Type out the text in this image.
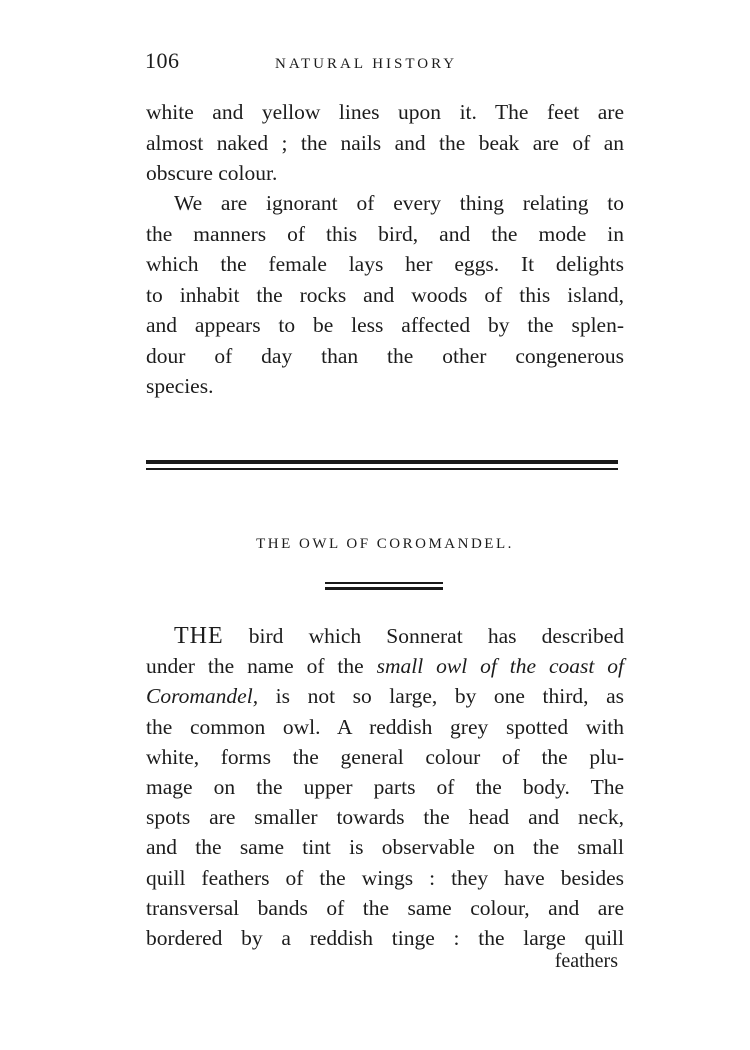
106	NATURAL HISTORY
white and yellow lines upon it. The feet are
almost naked ; the nails and the beak are of an
obscure colour.
We are ignorant of every thing relating to
the manners of this bird, and the mode in
which the female lays her eggs. It delights
to inhabit the rocks and woods of this island,
and appears to be less affected by the splen-
dour of day than the other congenerous
species.
THE OWL OF COROMANDEL.
THE bird which Sonnerat has described
under the name of the small owl of the coast of
Coromandel, is not so large, by one third, as
the common owl. A reddish grey spotted with
white, forms the general colour of the plu-
mage on the upper parts of the body. The
spots are smaller towards the head and neck,
and the same tint is observable on the small
quill feathers of the wings : they have besides
transversal bands of the same colour, and are
bordered by a reddish tinge : the large quill
feathers
